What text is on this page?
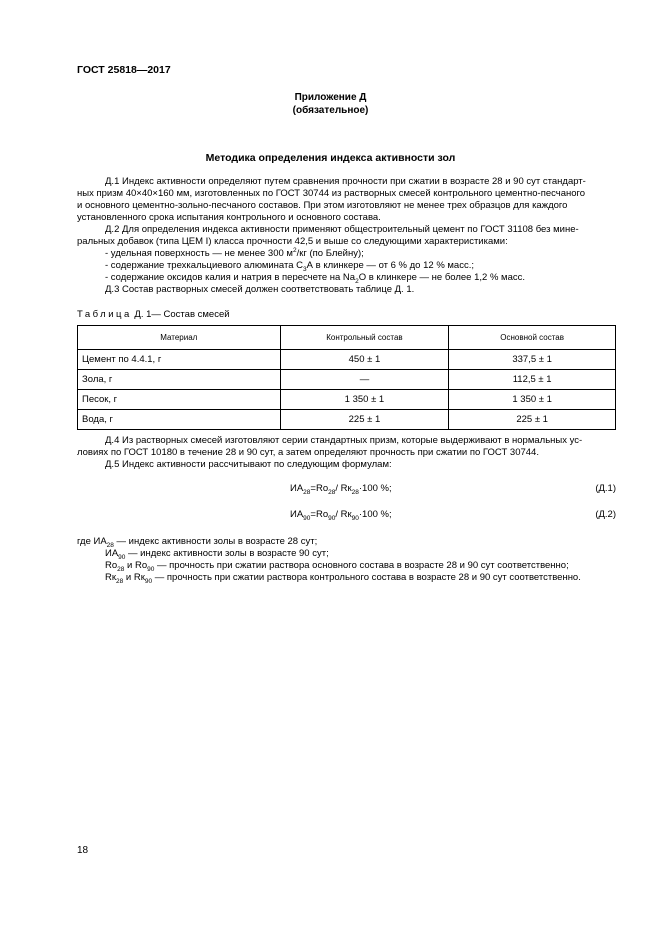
ГОСТ 25818—2017
Приложение Д
(обязательное)
Методика определения индекса активности зол

Д.1 Индекс активности определяют путем сравнения прочности при сжатии в возрасте 28 и 90 сут стандарт-

ных призм 40×40×160 мм, изготовленных по ГОСТ 30744 из растворных смесей контрольного цементно-песчаного

и основного цементно-зольно-песчаного составов. При этом изготовляют не менее трех образцов для каждого

установленного срока испытания контрольного и основного состава.

Д.2 Для определения индекса активности применяют общестроительный цемент по ГОСТ 31108 без мине-

ральных добавок (типа ЦЕМ I) класса прочности 42,5 и выше со следующими характеристиками:

- удельная поверхность — не менее 300 $м^2/кг$ (по Блейну);

- содержание трехкальциевого алюмината $С_3А$ в клинкере — от 6 % до 12 % масс.;

- содержание оксидов калия и натрия в пересчете на $Na_2О$ в клинкере — не более 1,2 % масс.

Д.3 Состав растворных смесей должен соответствовать таблице Д. 1.

Таблица Д. 1— Состав смесей
Материал	Контрольный состав	Основной состав
Цемент по 4.4.1, г	450 ± 1	337,5 ± 1
Зола, г	—	112,5 ± 1
Песок, г	1 350 ± 1	1 350 ± 1
Вода, г	225 ± 1	225 ± 1

Д.4 Из растворных смесей изготовляют серии стандартных призм, которые выдерживают в нормальных ус-

ловиях по ГОСТ 10180 в течение 28 и 90 сут, а затем определяют прочность при сжатии по ГОСТ 30744.

Д.5 Индекс активности рассчитывают по следующим формулам:

$ИА_{28}=Ro_{28}/$ $Rк_{28}\cdot 100$ %;	(Д.1)
$ИА_{90}=Ro_{90}/$ $Rк_{90}\cdot 100$ %;	(Д.2)

где $ИА_{28}$ — индекс активности золы в возрасте 28 сут;

$ИА_{90}$ — индекс активности золы в возрасте 90 сут;

$Ro_{28}$ и $Ro_{90}$ — прочность при сжатии раствора основного состава в возрасте 28 и 90 сут соответственно;

$Rк_{28}$ и $Rк_{90}$ — прочность при сжатии раствора контрольного состава в возрасте 28 и 90 сут соответственно.

18
